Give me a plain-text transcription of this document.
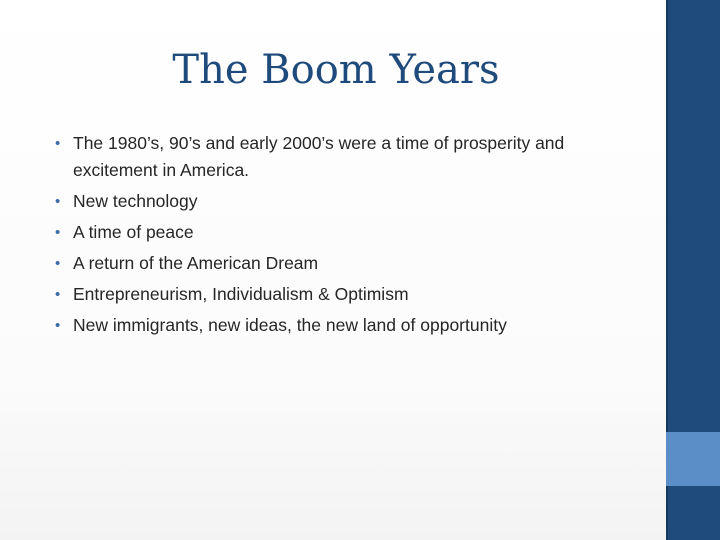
The Boom Years
• The 1980’s, 90’s and early 2000’s were a time of prosperity and excitement in America.
• New technology
• A time of peace
• A return of the American Dream
• Entrepreneurism, Individualism & Optimism
• New immigrants, new ideas, the new land of opportunity
